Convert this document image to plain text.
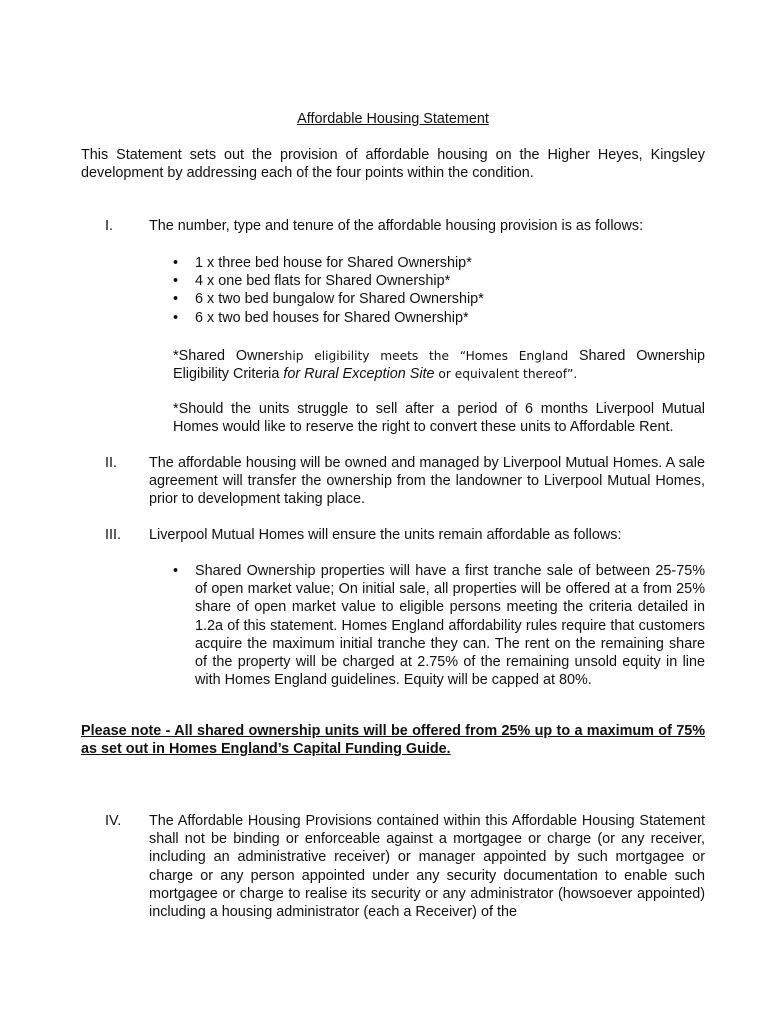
Affordable Housing Statement
This Statement sets out the provision of affordable housing on the Higher Heyes, Kingsley development by addressing each of the four points within the condition.
I.	The number, type and tenure of the affordable housing provision is as follows:
• 1 x three bed house for Shared Ownership*
• 4 x one bed flats for Shared Ownership*
• 6 x two bed bungalow for Shared Ownership*
• 6 x two bed houses for Shared Ownership*
*Shared Ownership eligibility meets the “Homes England Shared Ownership Eligibility Criteria for Rural Exception Site or equivalent thereof”.
*Should the units struggle to sell after a period of 6 months Liverpool Mutual Homes would like to reserve the right to convert these units to Affordable Rent.
II. The affordable housing will be owned and managed by Liverpool Mutual Homes. A sale agreement will transfer the ownership from the landowner to Liverpool Mutual Homes, prior to development taking place.
III. Liverpool Mutual Homes will ensure the units remain affordable as follows:
• Shared Ownership properties will have a first tranche sale of between 25-75% of open market value; On initial sale, all properties will be offered at a from 25% share of open market value to eligible persons meeting the criteria detailed in 1.2a of this statement. Homes England affordability rules require that customers acquire the maximum initial tranche they can. The rent on the remaining share of the property will be charged at 2.75% of the remaining unsold equity in line with Homes England guidelines. Equity will be capped at 80%.
Please note - All shared ownership units will be offered from 25% up to a maximum of 75% as set out in Homes England’s Capital Funding Guide.
IV. The Affordable Housing Provisions contained within this Affordable Housing Statement shall not be binding or enforceable against a mortgagee or charge (or any receiver, including an administrative receiver) or manager appointed by such mortgagee or charge or any person appointed under any security documentation to enable such mortgagee or charge to realise its security or any administrator (howsoever appointed) including a housing administrator (each a Receiver) of the
